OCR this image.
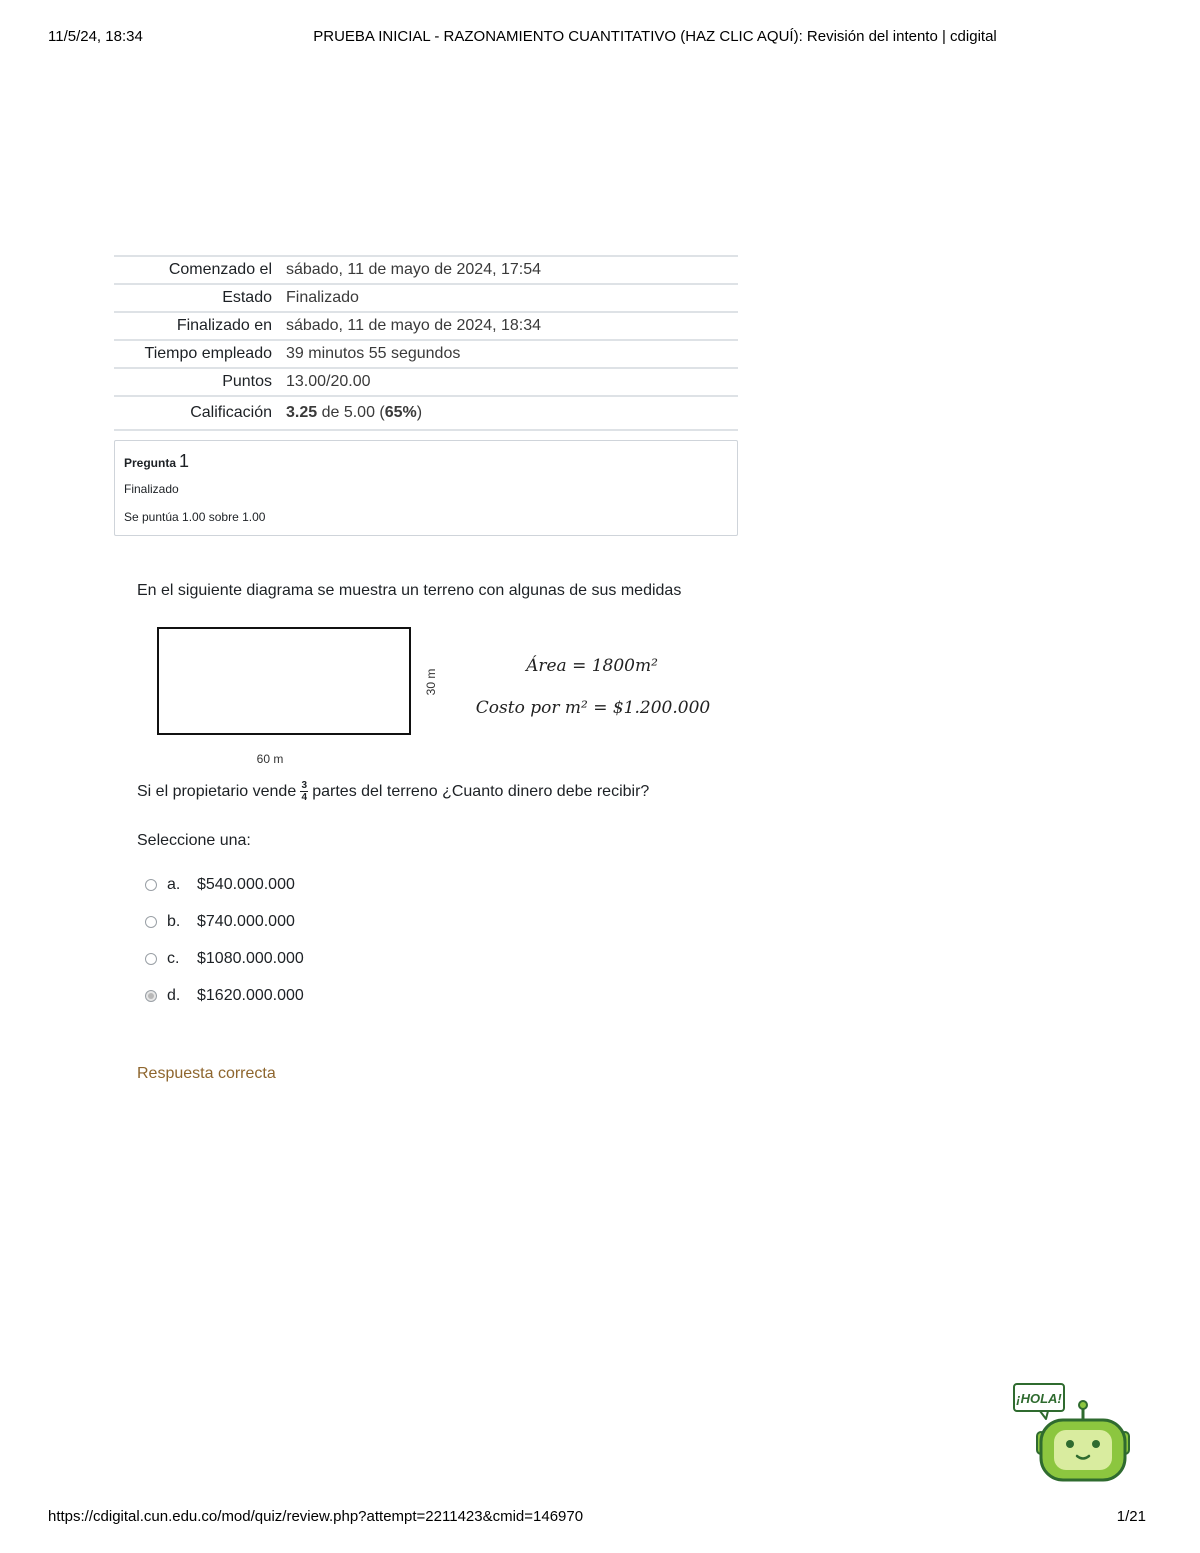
11/5/24, 18:34	PRUEBA INICIAL - RAZONAMIENTO CUANTITATIVO (HAZ CLIC AQUÍ): Revisión del intento | cdigital
Comenzado el	sábado, 11 de mayo de 2024, 17:54
Estado	Finalizado
Finalizado en	sábado, 11 de mayo de 2024, 18:34
Tiempo empleado	39 minutos 55 segundos
Puntos	13.00/20.00
Calificación	3.25 de 5.00 (65%)
Pregunta 1
Finalizado
Se puntúa 1.00 sobre 1.00
En el siguiente diagrama se muestra un terreno con algunas de sus medidas
60 m
30 m
Área = 1800m²
Costo por m² = $1.200.000
Si el propietario vende $\frac{3}{4}$ partes del terreno ¿Cuanto dinero debe recibir?
Seleccione una:
a.	$540.000.000
b.	$740.000.000
c.	$1080.000.000
d.	$1620.000.000
Respuesta correcta
¡HOLA!
https://cdigital.cun.edu.co/mod/quiz/review.php?attempt=2211423&cmid=146970	1/21
